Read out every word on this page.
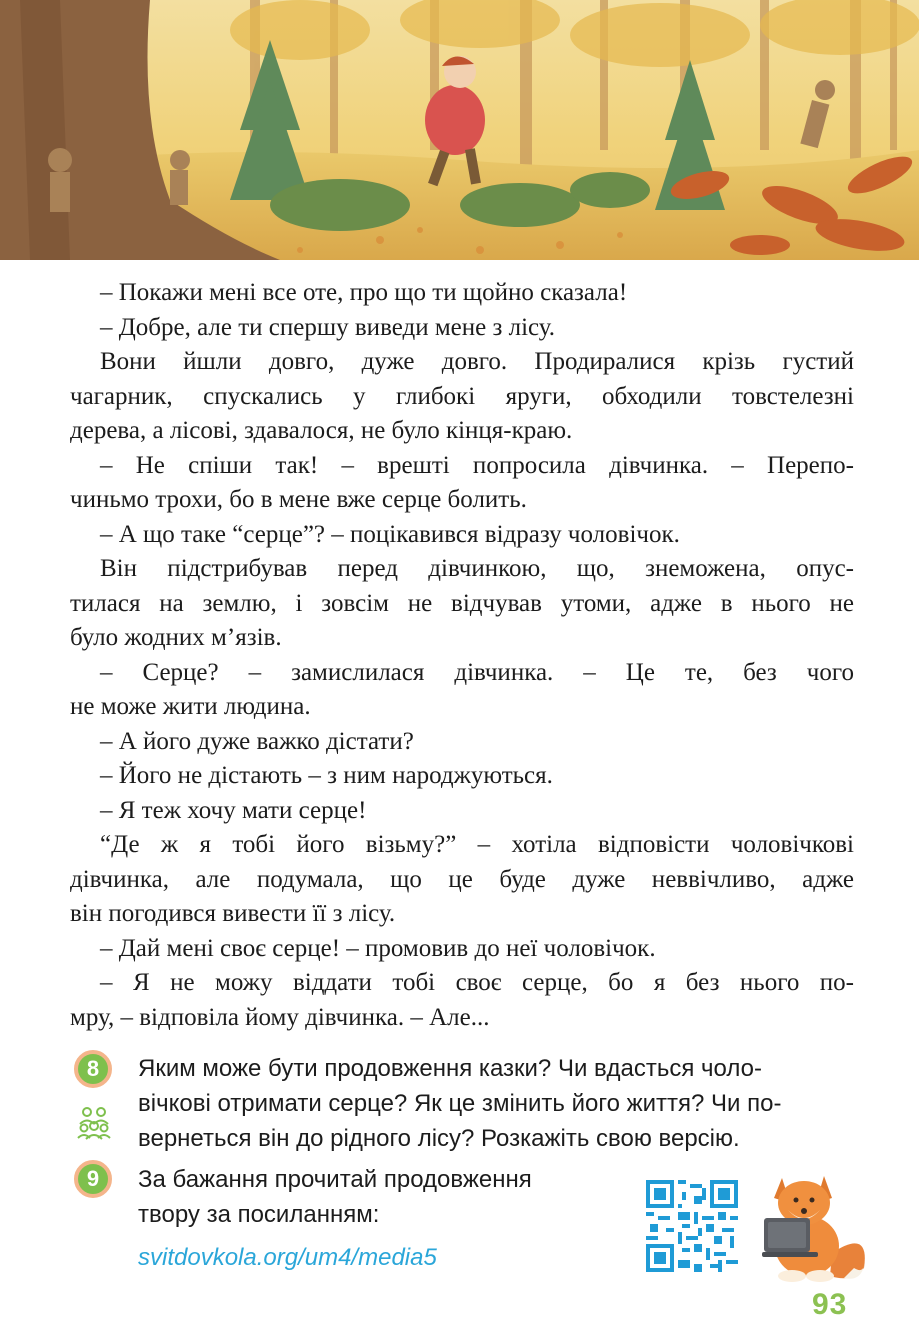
– Покажи мені все оте, про що ти щойно сказала!

– Добре, але ти спершу виведи мене з лісу.

Вони йшли довго, дуже довго. Продиралися крізь густий

чагарник, спускались у глибокі яруги, обходили товстелезні

дерева, а лісові, здавалося, не було кінця-краю.

– Не спіши так! – врешті попросила дівчинка. – Перепо-

чиньмо трохи, бо в мене вже серце болить.

– А що таке “серце”? – поцікавився відразу чоловічок.

Він підстрибував перед дівчинкою, що, знеможена, опус-

тилася на землю, і зовсім не відчував утоми, адже в нього не

було жодних м’язів.

– Серце? – замислилася дівчинка. – Це те, без чого

не може жити людина.

– А його дуже важко дістати?

– Його не дістають – з ним народжуються.

– Я теж хочу мати серце!

“Де ж я тобі його візьму?” – хотіла відповісти чоловічкові

дівчинка, але подумала, що це буде дуже неввічливо, адже

він погодився вивести її з лісу.

– Дай мені своє серце! – промовив до неї чоловічок.

– Я не можу віддати тобі своє серце, бо я без нього по-

мру, – відповіла йому дівчинка. – Але...

8	Яким може бути продовження казки? Чи вдасться чоло-
вічкові отримати серце? Як це змінить його життя? Чи по-
вернеться він до рідного лісу? Розкажіть свою версію.
9	За бажання прочитай продовження
твору за посиланням:
svitdovkola.org/um4/media5
93
